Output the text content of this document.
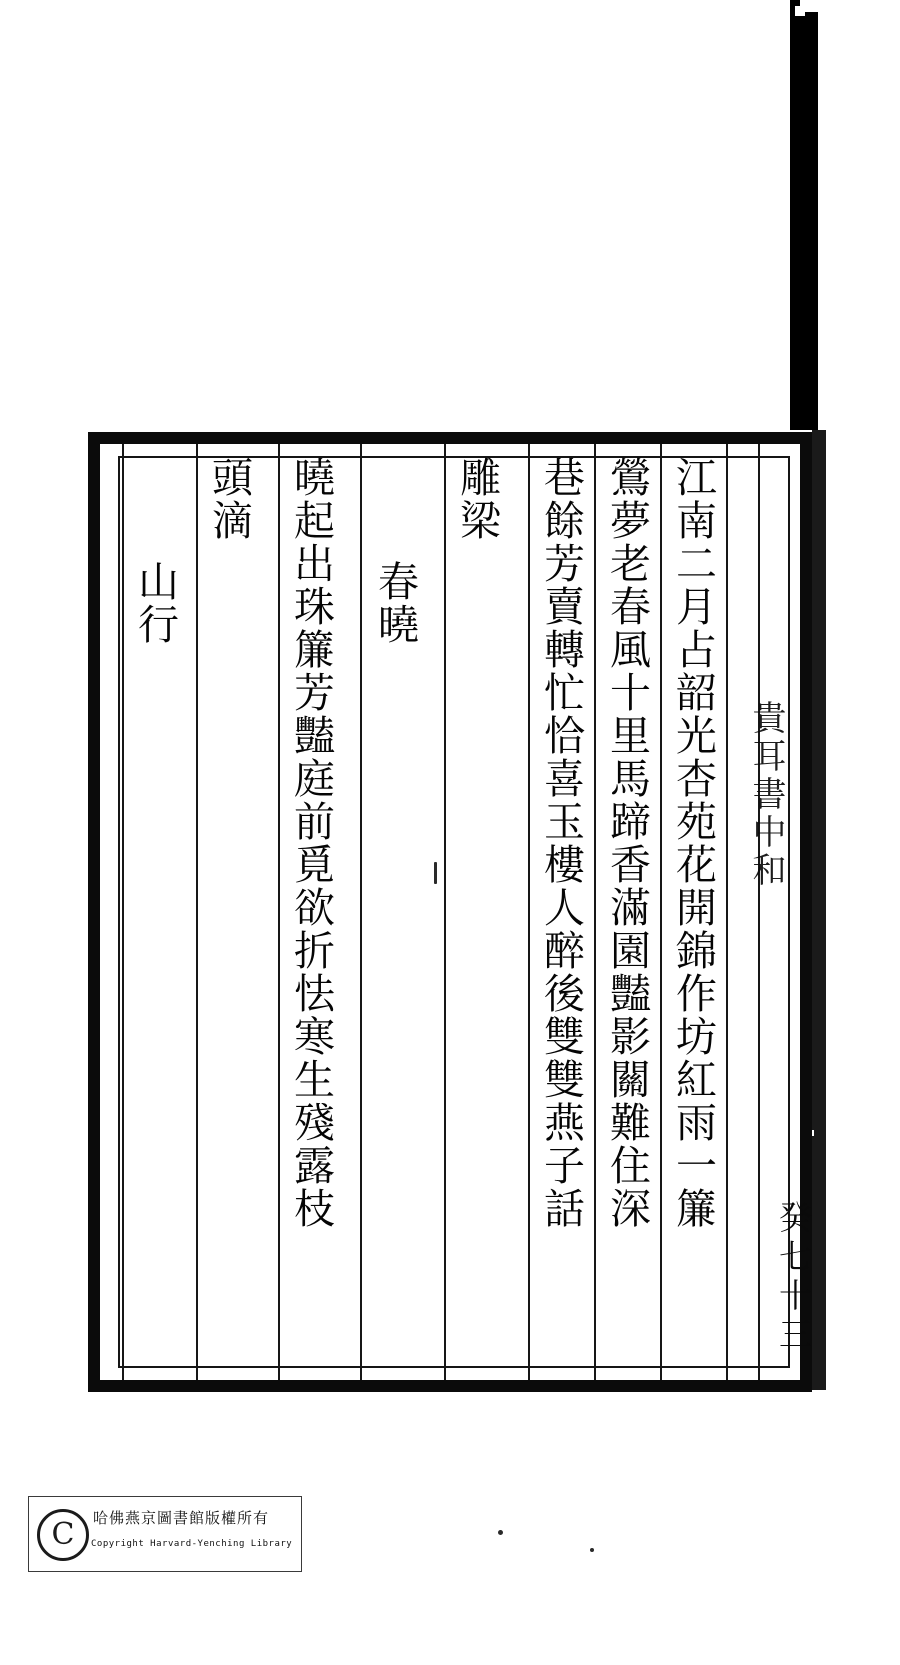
江南二月占韶光杏苑花開錦作坊紅雨一簾
鶯夢老春風十里馬蹄香滿園豔影關難住深
巷餘芳賣轉忙恰喜玉樓人醉後雙雙燕子話
雕梁
春曉
曉起出珠簾芳豔庭前覓欲折怯寒生殘露枝
頭滴
山行
貴耳書中和
癸七十三
C	哈佛燕京圖書館版權所有
Copyright Harvard-Yenching Library
